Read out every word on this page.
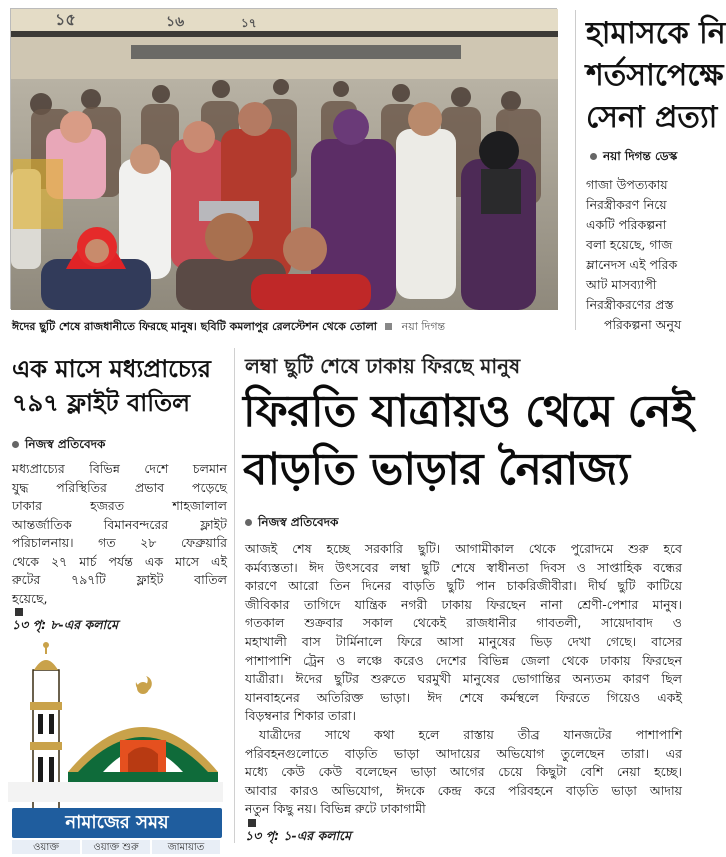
১৫	১৬	১৭
ঈদের ছুটি শেষে রাজধানীতে ফিরছে মানুষ। ছবিটি কমলাপুর রেলস্টেশন থেকে তোলা নয়া দিগন্ত
হামাসকে নি
শর্তসাপেক্ষে
সেনা প্রত্যা
নয়া দিগন্ত ডেস্ক
গাজা উপত্যকায়
নিরস্ত্রীকরণ নিয়ে
একটি পরিকল্পনা
বলা হয়েছে, গাজ
ম্লানেদস এই পরিক
আট মাসব্যাপী
নিরস্ত্রীকরণের প্রস্ত
পরিকল্পনা অনুয
এক মাসে মধ্যপ্রাচ্যের
৭৯৭ ফ্লাইট বাতিল
নিজস্ব প্রতিবেদক
মধ্যপ্রাচ্যের বিভিন্ন দেশে চলমান
যুদ্ধ পরিস্থিতির প্রভাব পড়েছে
ঢাকার হজরত শাহজালাল
আন্তর্জাতিক বিমানবন্দরের ফ্লাইট
পরিচালনায়। গত ২৮ ফেব্রুয়ারি
থেকে ২৭ মার্চ পর্যন্ত এক মাসে এই
রুটের ৭৯৭টি ফ্লাইট বাতিল
হয়েছে,
১৩ পৃ: ৮-এর কলামে
লম্বা ছুটি শেষে ঢাকায় ফিরছে মানুষ
ফিরতি যাত্রায়ও থেমে নেই
বাড়তি ভাড়ার নৈরাজ্য
নিজস্ব প্রতিবেদক
আজই শেষ হচ্ছে সরকারি ছুটি। আগামীকাল থেকে পুরোদমে শুরু হবে
কর্মব্যস্ততা। ঈদ উৎসবের লম্বা ছুটি শেষে স্বাধীনতা দিবস ও সাপ্তাহিক বন্ধের
কারণে আরো তিন দিনের বাড়তি ছুটি পান চাকরিজীবীরা। দীর্ঘ ছুটি কাটিয়ে
জীবিকার তাগিদে যান্ত্রিক নগরী ঢাকায় ফিরছেন নানা শ্রেণী-পেশার মানুষ।
গতকাল শুক্রবার সকাল থেকেই রাজধানীর গাবতলী, সায়েদাবাদ ও
মহাখালী বাস টার্মিনালে ফিরে আসা মানুষের ভিড় দেখা গেছে। বাসের
পাশাপাশি ট্রেন ও লঞ্চে করেও দেশের বিভিন্ন জেলা থেকে ঢাকায় ফিরছেন
যাত্রীরা। ঈদের ছুটির শুরুতে ঘরমুখী মানুষের ভোগান্তির অন্যতম কারণ ছিল
যানবাহনের অতিরিক্ত ভাড়া। ঈদ শেষে কর্মস্থলে ফিরতে গিয়েও একই
বিড়ম্বনার শিকার তারা।
যাত্রীদের সাথে কথা হলে রাস্তায় তীব্র যানজটের পাশাপাশি
পরিবহনগুলোতে বাড়তি ভাড়া আদায়ের অভিযোগ তুলেছেন তারা। এর
মধ্যে কেউ কেউ বলেছেন ভাড়া আগের চেয়ে কিছুটা বেশি নেয়া হচ্ছে।
আবার কারও অভিযোগ, ঈদকে কেন্দ্র করে পরিবহনে বাড়তি ভাড়া আদায়
নতুন কিছু নয়। বিভিন্ন রুটে ঢাকাগামী
১৩ পৃ: ১-এর কলামে
নামাজের সময়
ওয়াক্ত	ওয়াক্ত শুরু	জামায়াত
